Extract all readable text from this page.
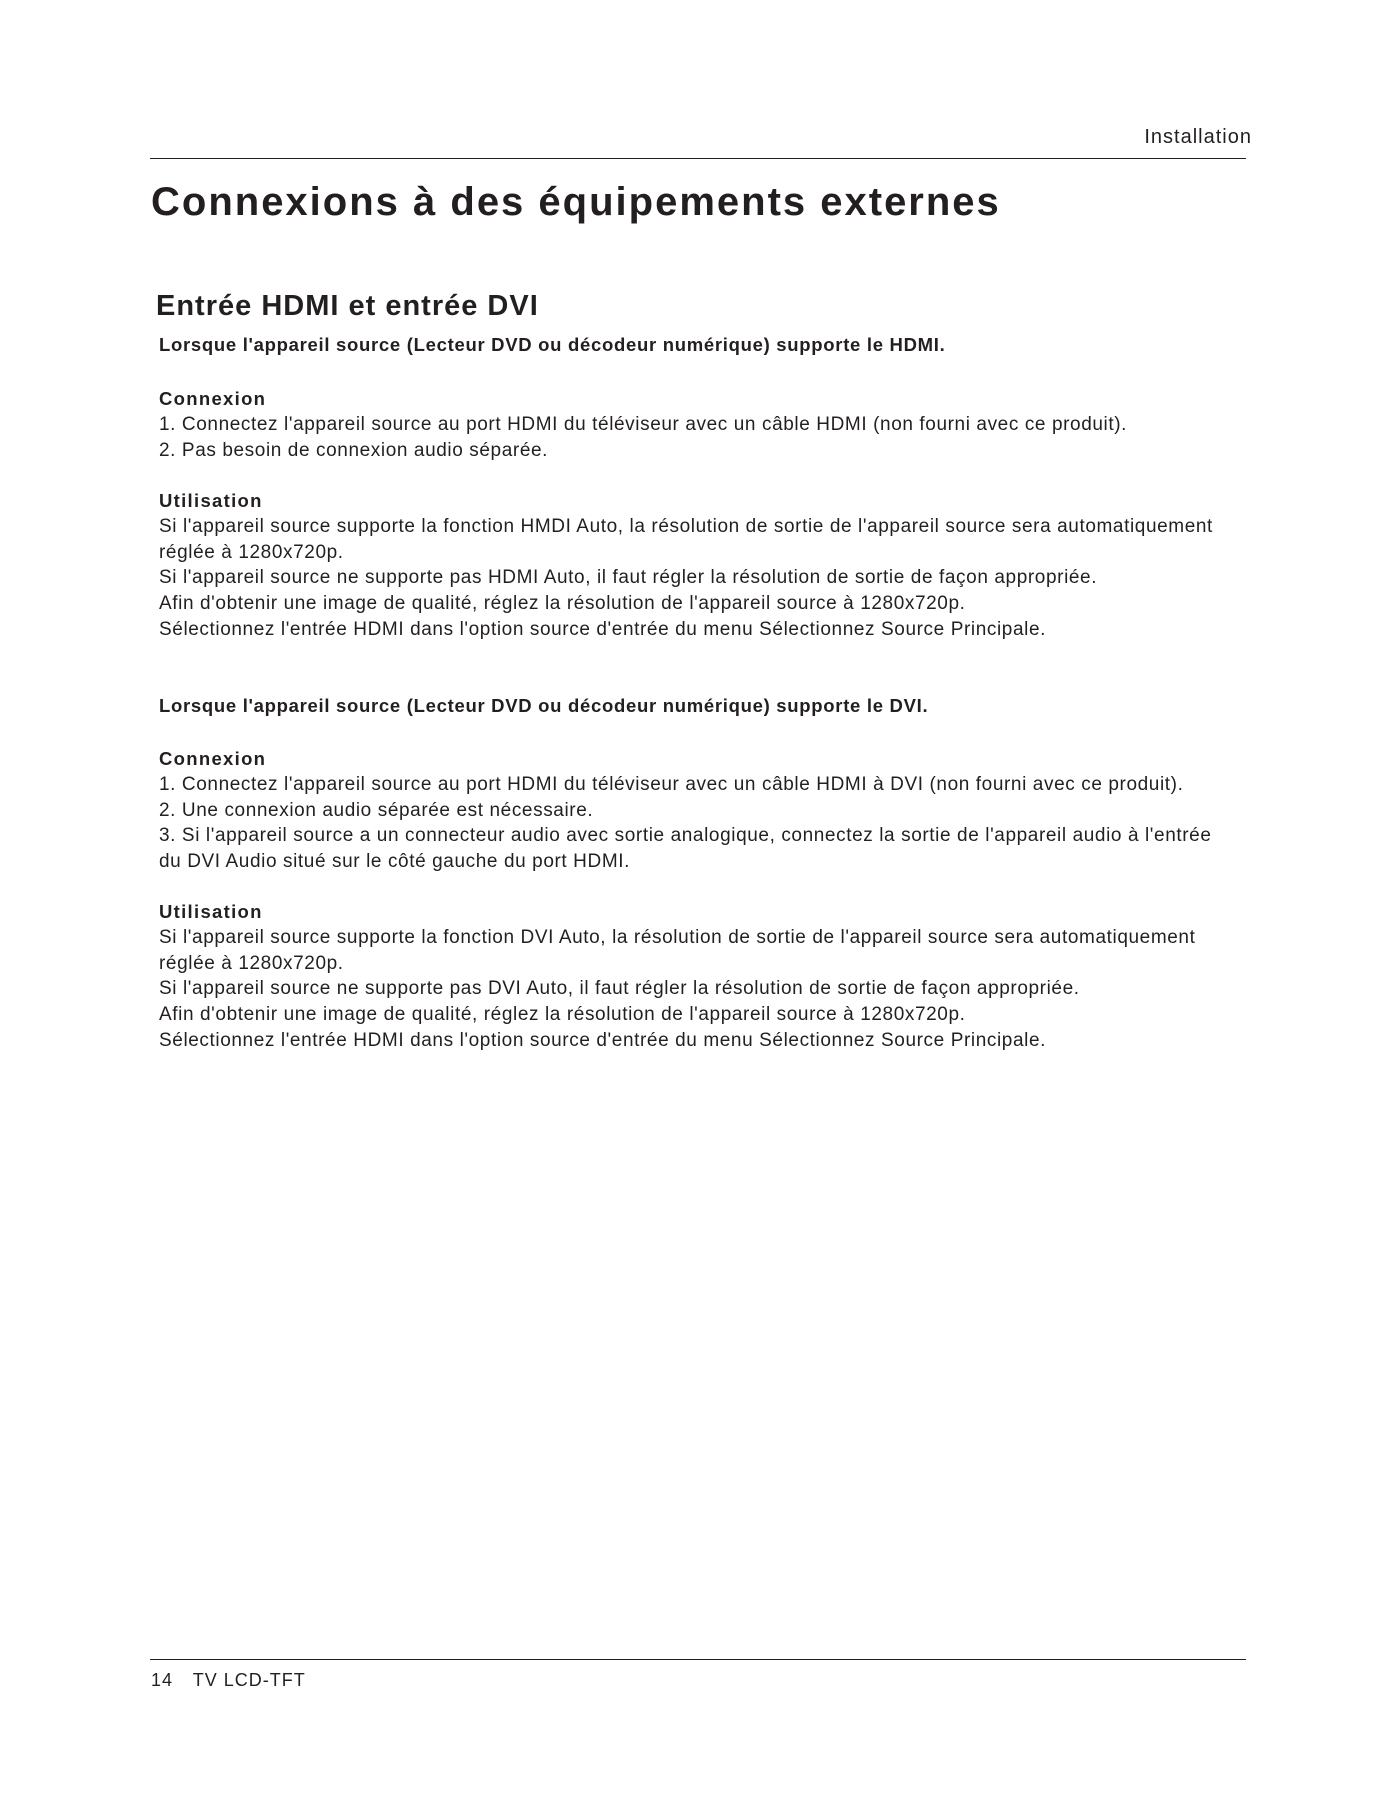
Installation
Connexions à des équipements externes
Entrée HDMI et entrée DVI
Lorsque l'appareil source (Lecteur DVD ou décodeur numérique) supporte le HDMI.
Connexion
1. Connectez l'appareil source au port HDMI du téléviseur avec un câble HDMI (non fourni avec ce produit).
2. Pas besoin de connexion audio séparée.
Utilisation
Si l'appareil source supporte la fonction HMDI Auto, la résolution de sortie de l'appareil source sera automatiquement
réglée à 1280x720p.
Si l'appareil source ne supporte pas HDMI Auto, il faut régler la résolution de sortie de façon appropriée.
Afin d'obtenir une image de qualité, réglez la résolution de l'appareil source à 1280x720p.
Sélectionnez l'entrée HDMI dans l'option source d'entrée du menu Sélectionnez Source Principale.
Lorsque l'appareil source (Lecteur DVD ou décodeur numérique) supporte le DVI.
Connexion
1. Connectez l'appareil source au port HDMI du téléviseur avec un câble HDMI à DVI (non fourni avec ce produit).
2. Une connexion audio séparée est nécessaire.
3. Si l'appareil source a un connecteur audio avec sortie analogique, connectez la sortie de l'appareil audio à l'entrée
du DVI Audio situé sur le côté gauche du port HDMI.
Utilisation
Si l'appareil source supporte la fonction DVI Auto, la résolution de sortie de l'appareil source sera automatiquement
réglée à 1280x720p.
Si l'appareil source ne supporte pas DVI Auto, il faut régler la résolution de sortie de façon appropriée.
Afin d'obtenir une image de qualité, réglez la résolution de l'appareil source à 1280x720p.
Sélectionnez l'entrée HDMI dans l'option source d'entrée du menu Sélectionnez Source Principale.
14 TV LCD-TFT
